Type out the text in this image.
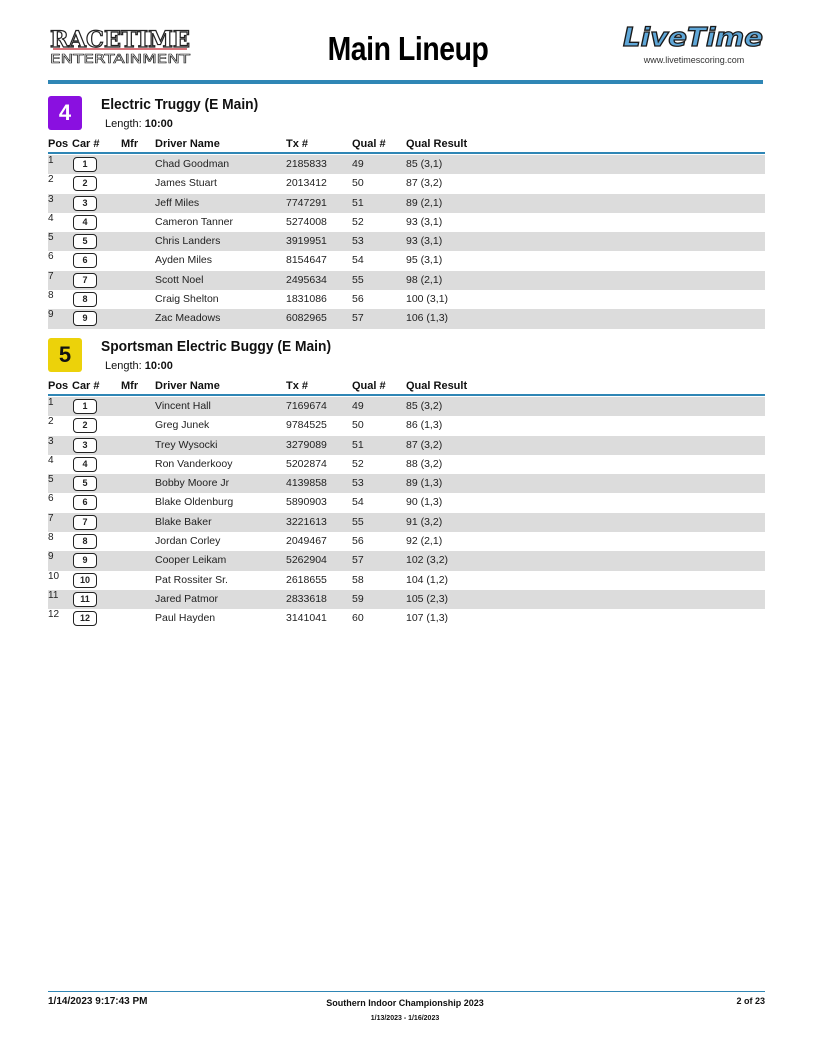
RACETIME
ENTERTAINMENT	Main Lineup	LiveTime
www.livetimescoring.com
4	Electric Truggy (E Main)
Length: 10:00
Pos Car # Mfr Driver Name	Tx #	Qual # Qual Result
1	1	Chad Goodman	2185833 49	85 (3,1)
2	2	James Stuart	2013412 50	87 (3,2)
3	3	Jeff Miles	7747291 51	89 (2,1)
4	4	Cameron Tanner	5274008 52	93 (3,1)
5	5	Chris Landers	3919951 53	93 (3,1)
6	6	Ayden Miles	8154647 54	95 (3,1)
7	7	Scott Noel	2495634 55	98 (2,1)
8	8	Craig Shelton	1831086 56	100 (3,1)
9	9	Zac Meadows	6082965 57	106 (1,3)
5	Sportsman Electric Buggy (E Main)
Length: 10:00
Pos Car # Mfr Driver Name	Tx #	Qual # Qual Result
1	1	Vincent Hall	7169674 49	85 (3,2)
2	2	Greg Junek	9784525 50	86 (1,3)
3	3	Trey Wysocki	3279089 51	87 (3,2)
4	4	Ron Vanderkooy	5202874 52	88 (3,2)
5	5	Bobby Moore Jr	4139858 53	89 (1,3)
6	6	Blake Oldenburg	5890903 54	90 (1,3)
7	7	Blake Baker	3221613 55	91 (3,2)
8	8	Jordan Corley	2049467 56	92 (2,1)
9	9	Cooper Leikam	5262904 57	102 (3,2)
10	10	Pat Rossiter Sr.	2618655 58	104 (1,2)
11	11	Jared Patmor	2833618 59	105 (2,3)
12	12	Paul Hayden	3141041 60	107 (1,3)
1/14/2023 9:17:43 PM	Southern Indoor Championship 2023
1/13/2023 - 1/16/2023
2 of 23
